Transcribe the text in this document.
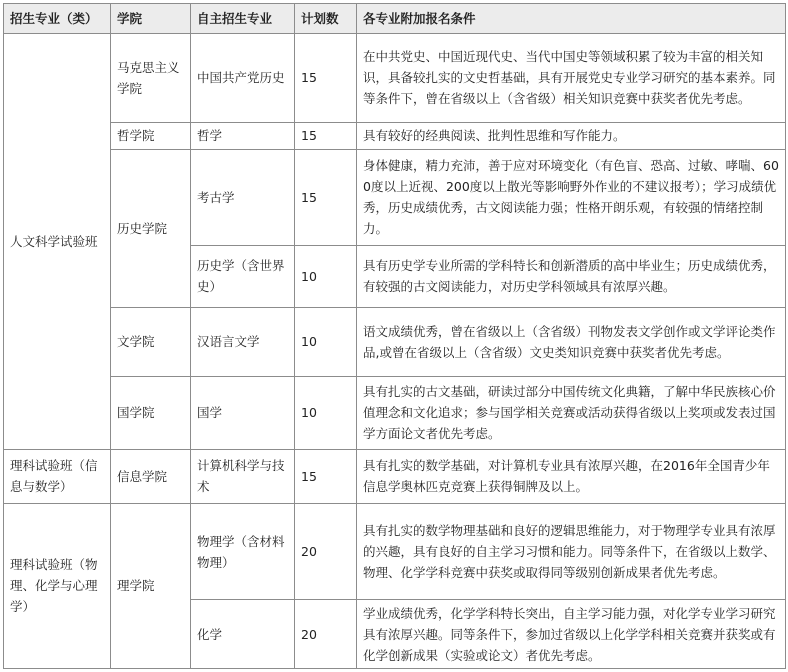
招生专业（类）	学院	自主招生专业	计划数	各专业附加报名条件
人文科学试验班	马克思主义学院	中国共产党历史	15	在中共党史、中国近现代史、当代中国史等领域积累了较为丰富的相关知识，具备较扎实的文史哲基础，具有开展党史专业学习研究的基本素养。同等条件下，曾在省级以上（含省级）相关知识竞赛中获奖者优先考虑。
	哲学院	哲学	15	具有较好的经典阅读、批判性思维和写作能力。
	历史学院	考古学	15	身体健康，精力充沛，善于应对环境变化（有色盲、恐高、过敏、哮喘、600度以上近视、200度以上散光等影响野外作业的不建议报考）；学习成绩优秀，历史成绩优秀，古文阅读能力强；性格开朗乐观，有较强的情绪控制力。
		历史学（含世界史）	10	具有历史学专业所需的学科特长和创新潜质的高中毕业生；历史成绩优秀，有较强的古文阅读能力，对历史学科领域具有浓厚兴趣。
	文学院	汉语言文学	10	语文成绩优秀，曾在省级以上（含省级）刊物发表文学创作或文学评论类作品,或曾在省级以上（含省级）文史类知识竞赛中获奖者优先考虑。
	国学院	国学	10	具有扎实的古文基础，研读过部分中国传统文化典籍，了解中华民族核心价值理念和文化追求；参与国学相关竞赛或活动获得省级以上奖项或发表过国学方面论文者优先考虑。
理科试验班（信息与数学）	信息学院	计算机科学与技术	15	具有扎实的数学基础，对计算机专业具有浓厚兴趣，在2016年全国青少年信息学奥林匹克竞赛上获得铜牌及以上。
理科试验班（物理、化学与心理学）	理学院	物理学（含材料物理）	20	具有扎实的数学物理基础和良好的逻辑思维能力，对于物理学专业具有浓厚的兴趣，具有良好的自主学习习惯和能力。同等条件下，在省级以上数学、物理、化学学科竞赛中获奖或取得同等级别创新成果者优先考虑。
		化学	20	学业成绩优秀，化学学科特长突出，自主学习能力强，对化学专业学习研究具有浓厚兴趣。同等条件下，参加过省级以上化学学科相关竞赛并获奖或有化学创新成果（实验或论文）者优先考虑。
